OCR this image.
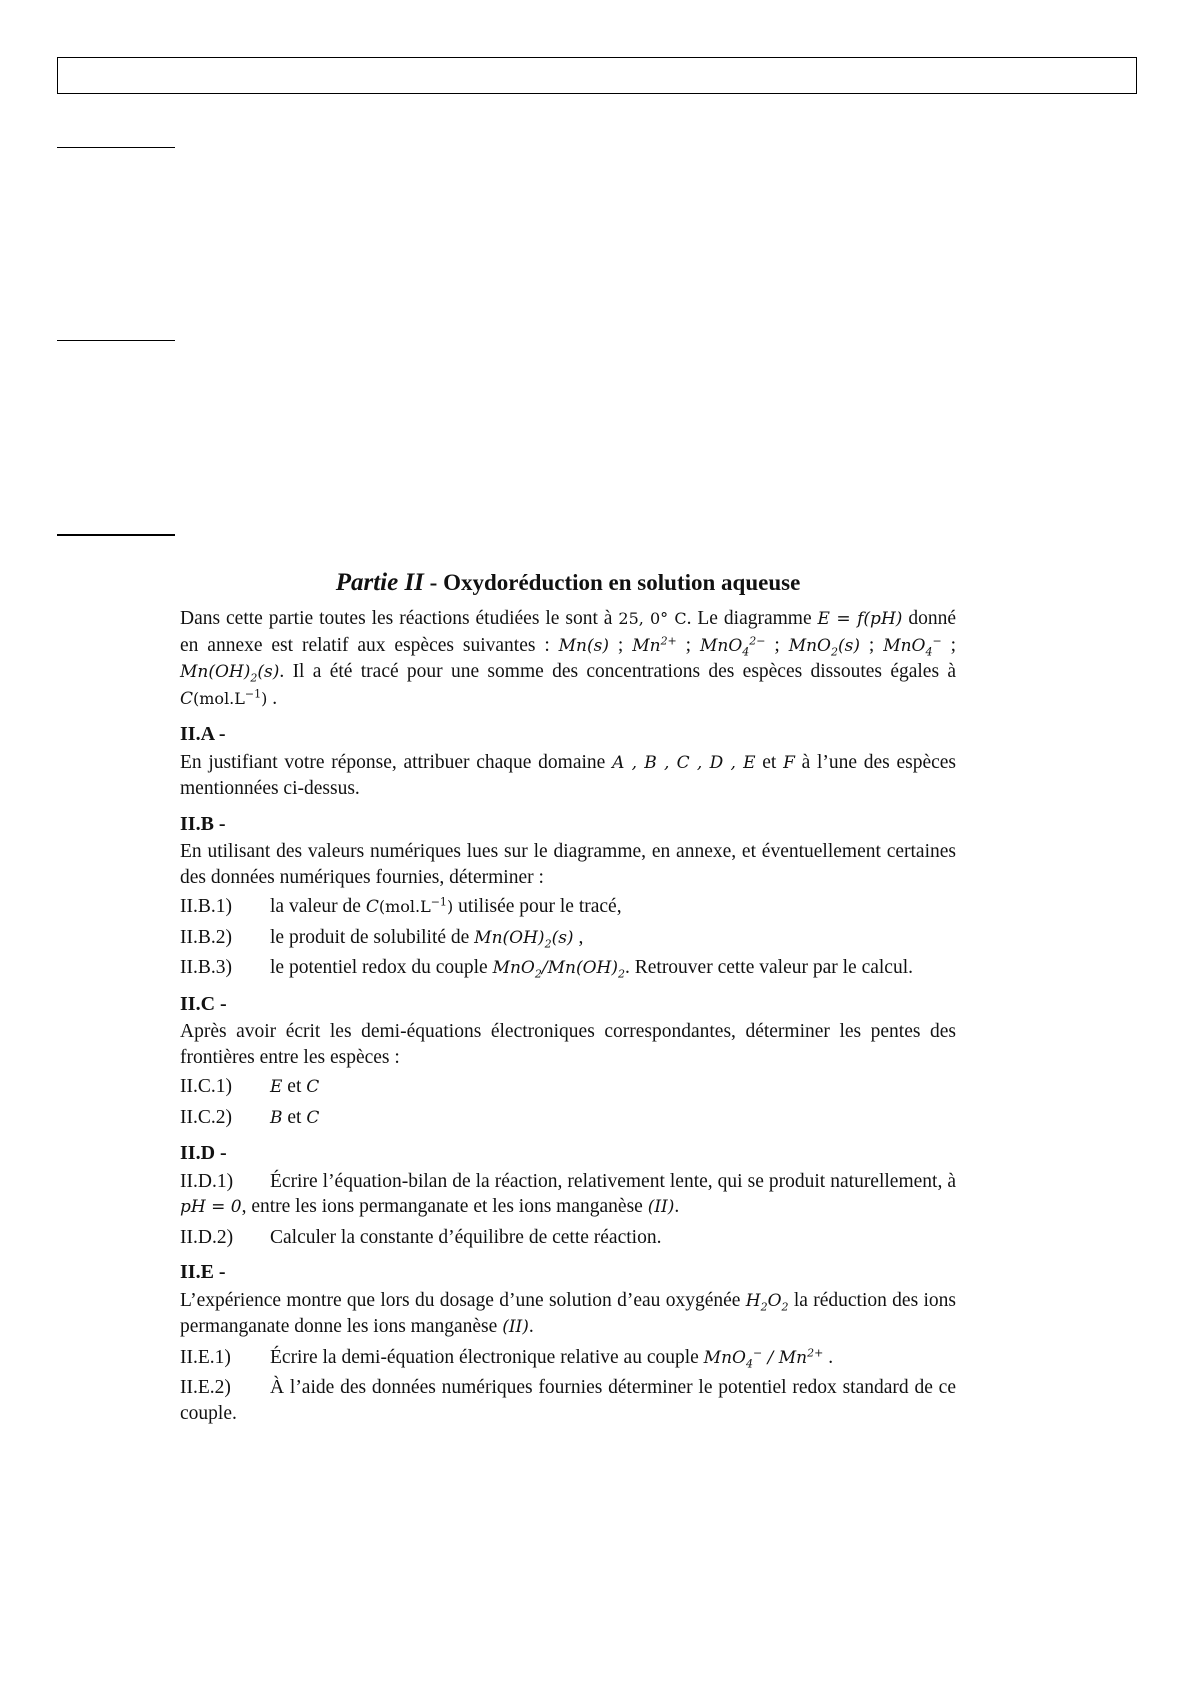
Partie II - Oxydoréduction en solution aqueuse

Dans cette partie toutes les réactions étudiées le sont à 25, 0° C. Le diagramme E = f(pH) donné en annexe est relatif aux espèces suivantes : Mn(s) ; $Mn^{2+}$ ; MnO$_4^{2-}$ ; MnO$_2$(s) ; MnO$_4$− ; $Mn(OH)_2(s)$. Il a été tracé pour une somme des concentrations des espèces dissoutes égales à $C(mol.L^{-1})$ .

II.A -

En justifiant votre réponse, attribuer chaque domaine A , B , C , D , E et F à l’une des espèces mentionnées ci-dessus.

II.B -

En utilisant des valeurs numériques lues sur le diagramme, en annexe, et éventuellement certaines des données numériques fournies, déterminer :

II.B.1) la valeur de $C(mol.L^{-1})$ utilisée pour le tracé,
II.B.2) le produit de solubilité de $Mn(OH)_2(s)$ ,
II.B.3) le potentiel redox du couple $MnO_2/Mn(OH)_2$. Retrouver cette valeur par le calcul.
II.C -

Après avoir écrit les demi-équations électroniques correspondantes, déterminer les pentes des frontières entre les espèces :

II.C.1) E et C
II.C.2) B et C
II.D -
II.D.1) Écrire l’équation-bilan de la réaction, relativement lente, qui se produit naturellement, à pH = 0, entre les ions permanganate et les ions manganèse (II).
II.D.2) Calculer la constante d’équilibre de cette réaction.
II.E -

L’expérience montre que lors du dosage d’une solution d’eau oxygénée $H_2O_2$ la réduction des ions permanganate donne les ions manganèse (II).

II.E.1) Écrire la demi-équation électronique relative au couple $MnO_4^- / Mn^{2+}$ .
II.E.2) À l’aide des données numériques fournies déterminer le potentiel redox standard de ce couple.
